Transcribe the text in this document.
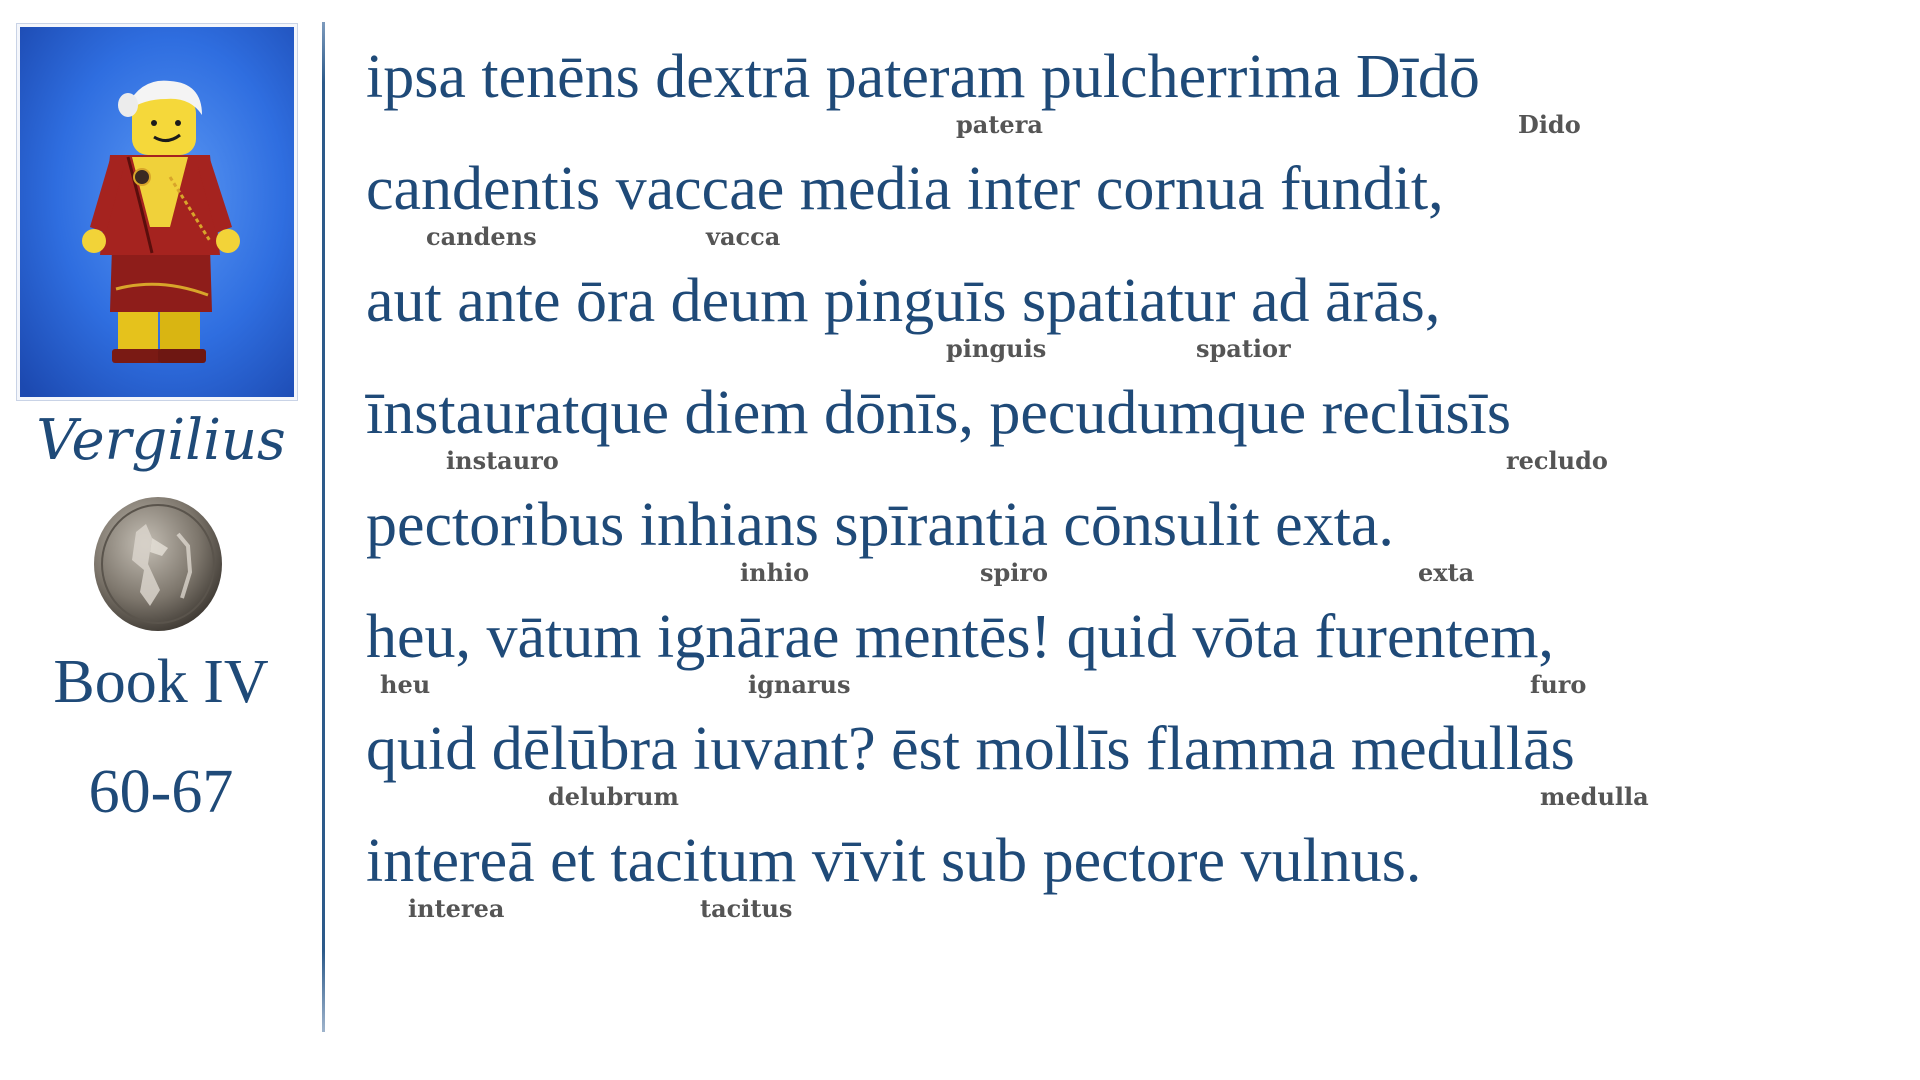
Vergilius
Book IV
60-67
ipsa tenēns dextrā pateram pulcherrima Dīdō
patera	Dido
candentis vaccae media inter cornua fundit,
candens	vacca
aut ante ōra deum pinguīs spatiatur ad ārās,
pinguis	spatior
īnstauratque diem dōnīs, pecudumque reclūsīs
instauro	recludo
pectoribus inhians spīrantia cōnsulit exta.
inhio	spiro	exta
heu, vātum ignārae mentēs! quid vōta furentem,
heu	ignarus	furo
quid dēlūbra iuvant? ēst mollīs flamma medullās
delubrum	medulla
intereā et tacitum vīvit sub pectore vulnus.
interea	tacitus
